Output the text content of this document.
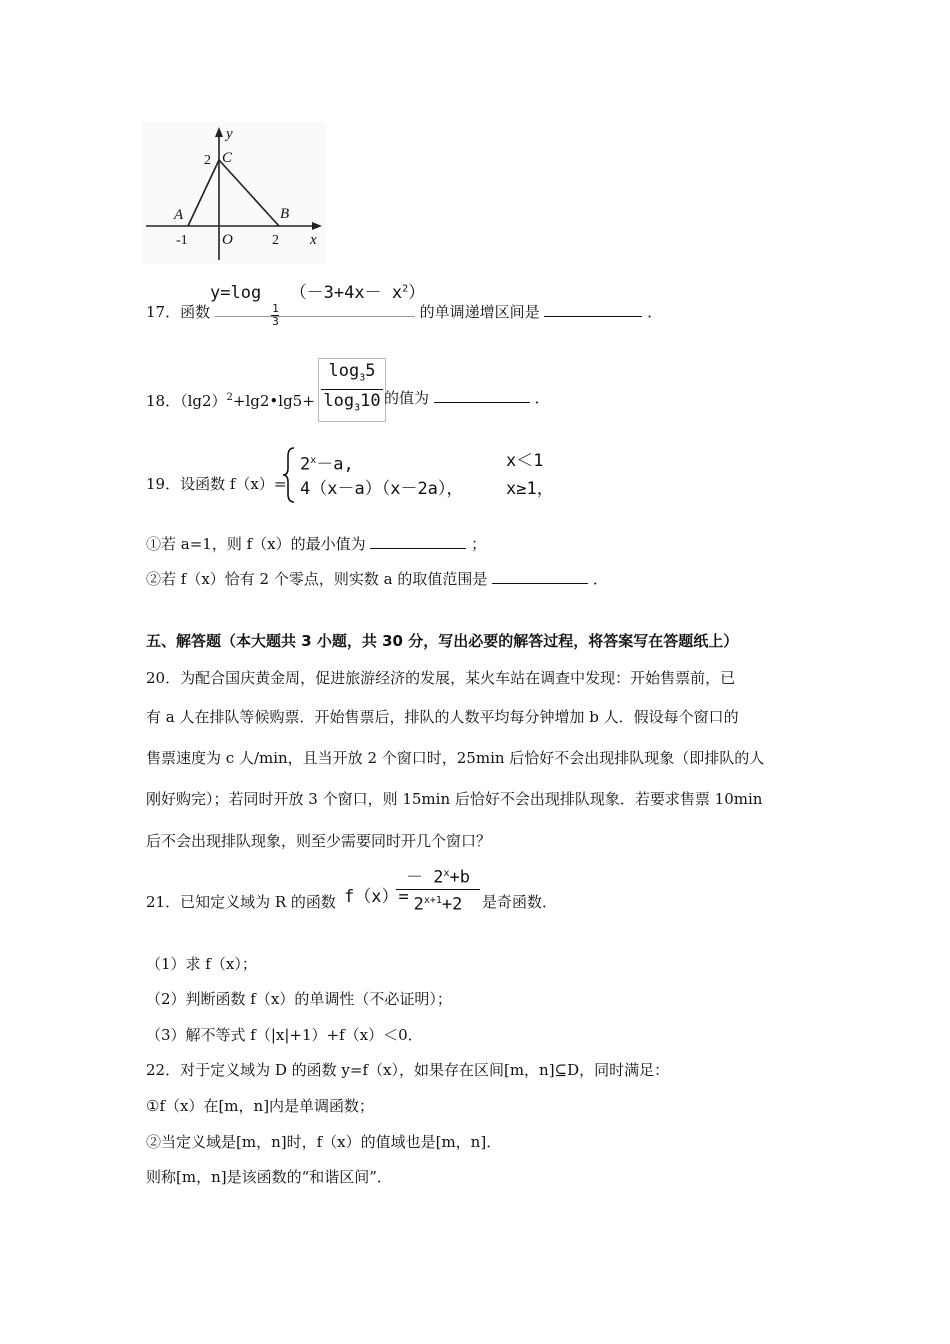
y
C
2
A	B
-1 O	2 x
y=log
$\frac{1}{3}$
$(-3+4x- x^2)$
17．函数	的单调递增区间是	．
18．$(\lg 2)^2+\lg 2•\lg 5+$
$\log_35$
$\log_310$ 的值为	．
19．设函数 f（x）=
$2^x-a$,	x＜1
4（x－a）（x－2a），	x≥1，
①若 a=1，则 f（x）的最小值为	；
②若 f（x）恰有 2 个零点，则实数 a 的取值范围是	．
五、解答题（本大题共 3 小题，共 30 分，写出必要的解答过程，将答案写在答题纸上）
20．为配合国庆黄金周，促进旅游经济的发展，某火车站在调查中发现：开始售票前，已
有 a 人在排队等候购票．开始售票后，排队的人数平均每分钟增加 b 人．假设每个窗口的
售票速度为 c 人/min，且当开放 2 个窗口时，25min 后恰好不会出现排队现象（即排队的人
刚好购完）；若同时开放 3 个窗口，则 15min 后恰好不会出现排队现象．若要求售票 10min
后不会出现排队现象，则至少需要同时开几个窗口？
21．已知定义域为 R 的函数 f（x）=
－ $2^x+b$
$2^{x+1}+2$ 是奇函数．
（1）求 f（x）；
（2）判断函数 f（x）的单调性（不必证明）；
（3）解不等式 f（|x|+1）+f（x）＜0．
22．对于定义域为 D 的函数 y=f（x），如果存在区间[m，n]⊆D，同时满足：
①f（x）在[m，n]内是单调函数；
②当定义域是[m，n]时，f（x）的值域也是[m，n]．
则称[m，n]是该函数的“和谐区间”．
